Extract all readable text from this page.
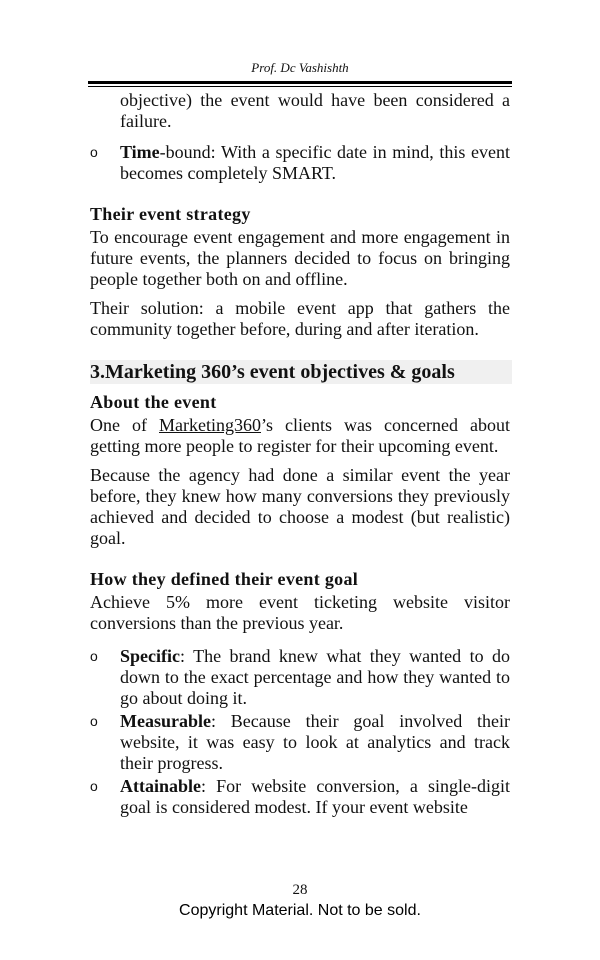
Prof. Dc Vashishth

objective) the event would have been considered a failure.

o Time-bound: With a specific date in mind, this event becomes completely SMART.
Their event strategy

To encourage event engagement and more engagement in future events, the planners decided to focus on bringing people together both on and offline.

Their solution: a mobile event app that gathers the community together before, during and after iteration.

3.Marketing 360’s event objectives & goals
About the event

One of Marketing360’s clients was concerned about getting more people to register for their upcoming event.

Because the agency had done a similar event the year before, they knew how many conversions they previously achieved and decided to choose a modest (but realistic) goal.

How they defined their event goal

Achieve 5% more event ticketing website visitor conversions than the previous year.

o Specific: The brand knew what they wanted to do down to the exact percentage and how they wanted to go about doing it.
o Measurable: Because their goal involved their website, it was easy to look at analytics and track their progress.
o Attainable: For website conversion, a single-digit goal is considered modest. If your event website
28
Copyright Material. Not to be sold.
